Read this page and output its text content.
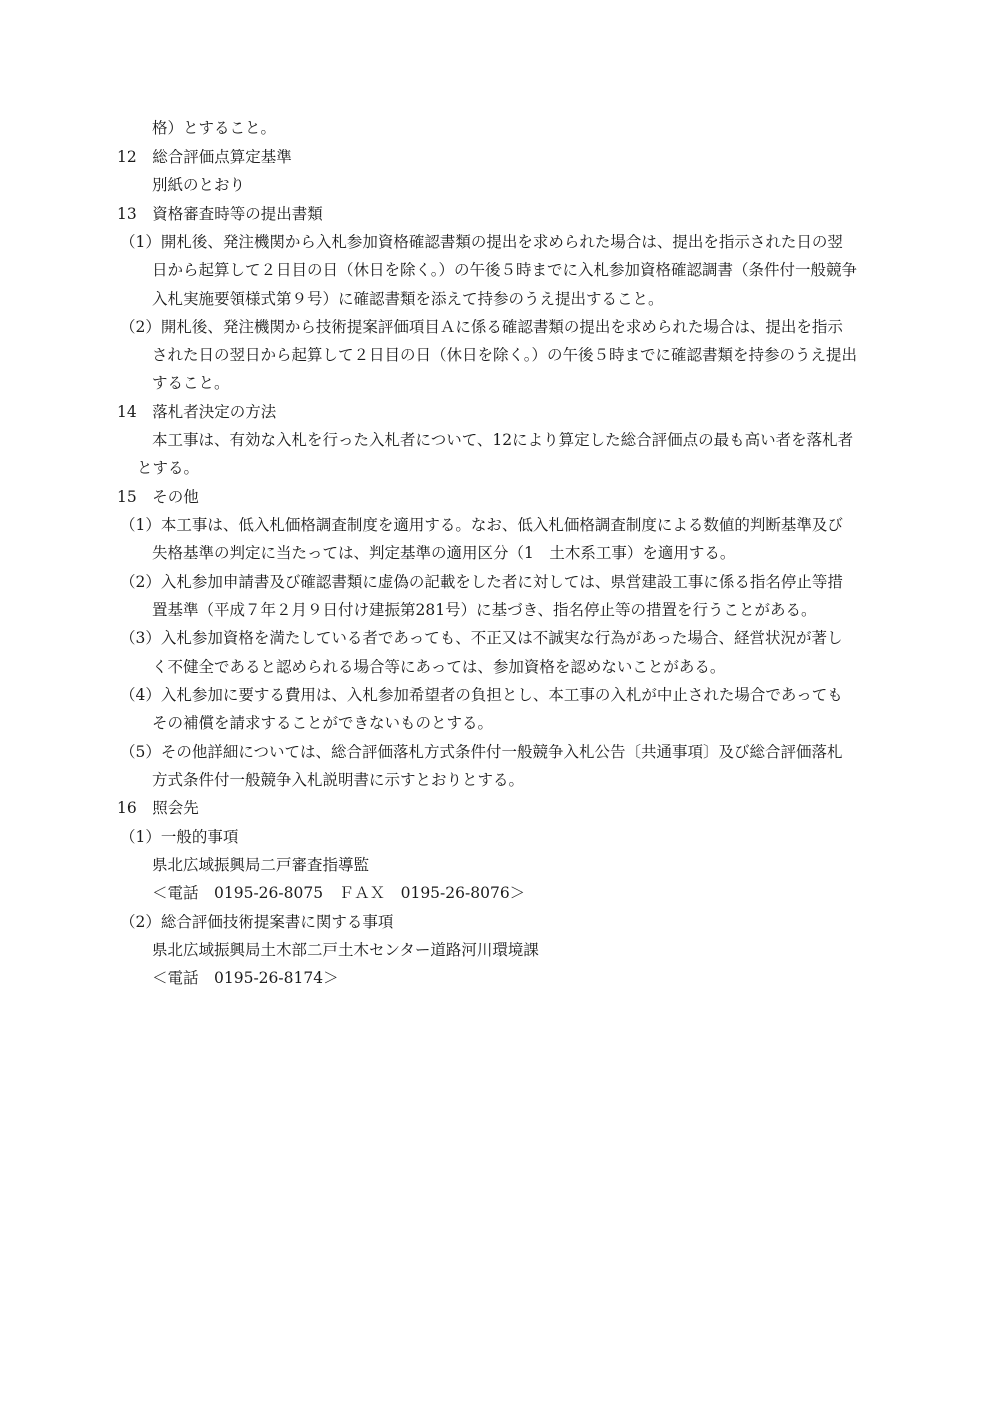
格）とすること。
12　総合評価点算定基準
別紙のとおり
13　資格審査時等の提出書類
（1）開札後、発注機関から入札参加資格確認書類の提出を求められた場合は、提出を指示された日の翌
日から起算して２日目の日（休日を除く。）の午後５時までに入札参加資格確認調書（条件付一般競争
入札実施要領様式第９号）に確認書類を添えて持参のうえ提出すること。
（2）開札後、発注機関から技術提案評価項目Ａに係る確認書類の提出を求められた場合は、提出を指示
された日の翌日から起算して２日目の日（休日を除く。）の午後５時までに確認書類を持参のうえ提出
すること。
14　落札者決定の方法
本工事は、有効な入札を行った入札者について、12により算定した総合評価点の最も高い者を落札者
とする。
15　その他
（1）本工事は、低入札価格調査制度を適用する。なお、低入札価格調査制度による数値的判断基準及び
失格基準の判定に当たっては、判定基準の適用区分（1　土木系工事）を適用する。
（2）入札参加申請書及び確認書類に虚偽の記載をした者に対しては、県営建設工事に係る指名停止等措
置基準（平成７年２月９日付け建振第281号）に基づき、指名停止等の措置を行うことがある。
（3）入札参加資格を満たしている者であっても、不正又は不誠実な行為があった場合、経営状況が著し
く不健全であると認められる場合等にあっては、参加資格を認めないことがある。
（4）入札参加に要する費用は、入札参加希望者の負担とし、本工事の入札が中止された場合であっても
その補償を請求することができないものとする。
（5）その他詳細については、総合評価落札方式条件付一般競争入札公告〔共通事項〕及び総合評価落札
方式条件付一般競争入札説明書に示すとおりとする。
16　照会先
（1）一般的事項
県北広域振興局二戸審査指導監
＜電話　0195-26-8075　ＦＡＸ　0195-26-8076＞
（2）総合評価技術提案書に関する事項
県北広域振興局土木部二戸土木センター道路河川環境課
＜電話　0195-26-8174＞
